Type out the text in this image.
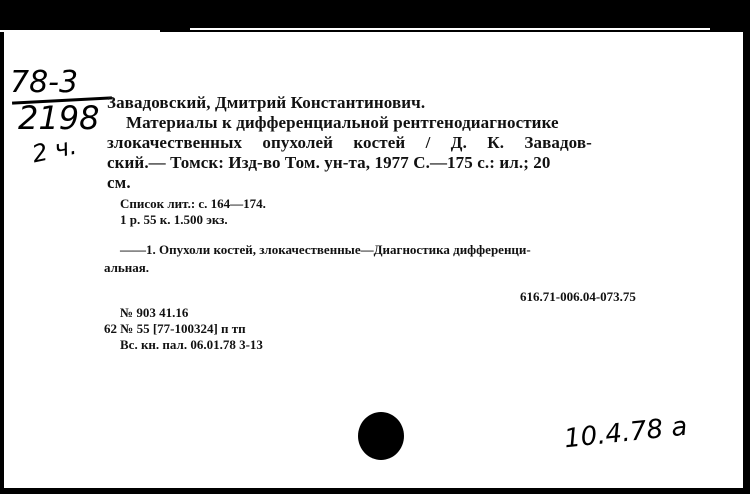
78-3
2198
2 ч.
Завадовский, Дмитрий Константинович.
Материалы к дифференциальной рентгенодиагностике
злокачественных опухолей костей / Д. К. Завадов-
ский.— Томск: Изд-во Том. ун-та, 1977 С.—175 с.: ил.; 20
см.
Список лит.: с. 164—174.
1 р. 55 к. 1.500 экз.
——1. Опухоли костей, злокачественные—Диагностика дифференци-
альная.
616.71-006.04-073.75
№ 903 41.16
62 № 55 [77-100324] п тп
Вс. кн. пал. 06.01.78 3-13
10.4.78 а
